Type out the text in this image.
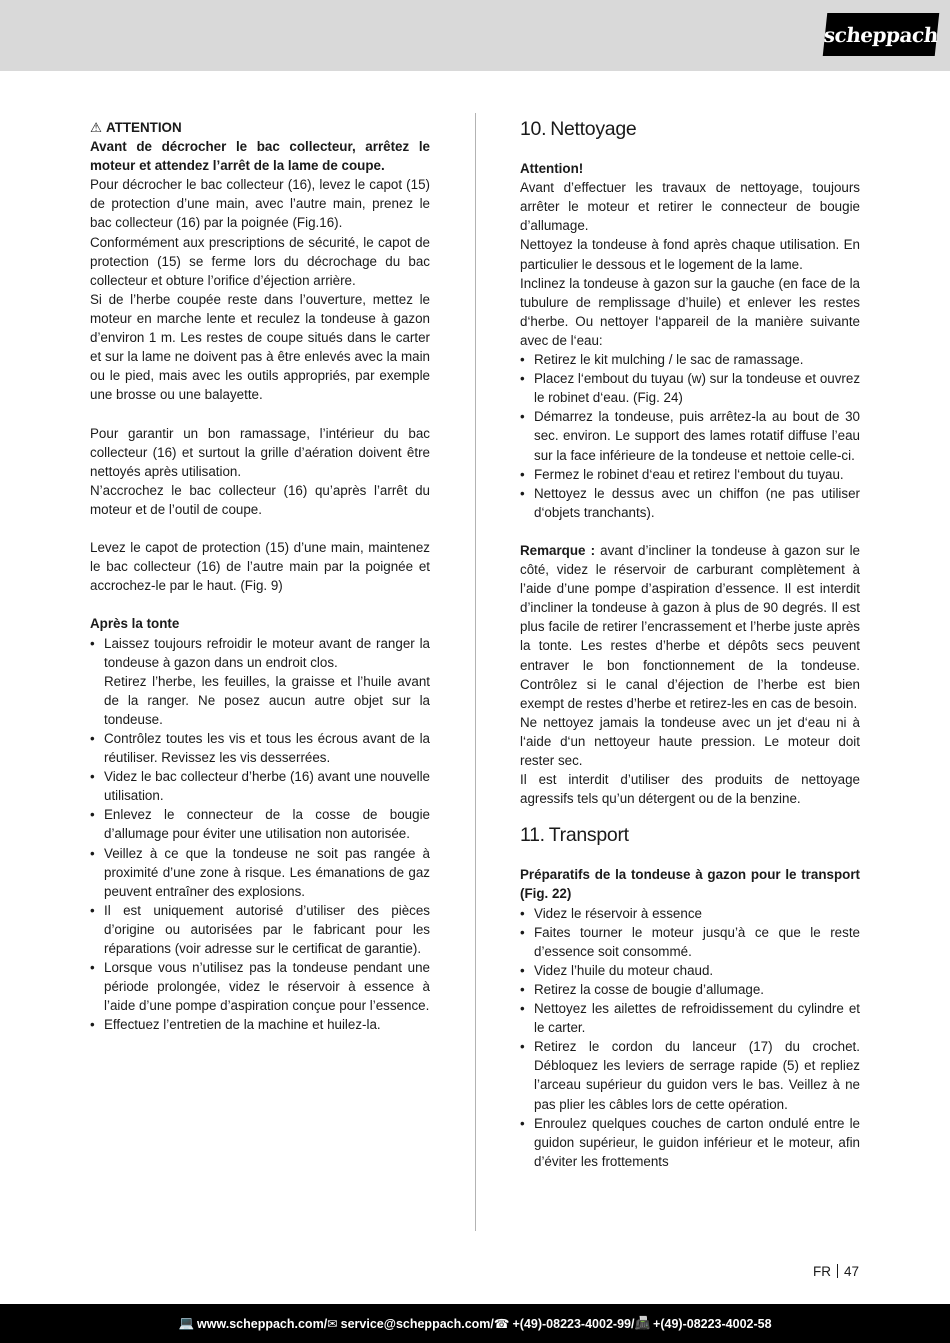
scheppach

⚠ ATTENTION

Avant de décrocher le bac collecteur, arrêtez le moteur et attendez l’arrêt de la lame de coupe.

Pour décrocher le bac collecteur (16), levez le capot (15) de protection d’une main, avec l’autre main, prenez le bac collecteur (16) par la poignée (Fig.16).

Conformément aux prescriptions de sécurité, le capot de protection (15) se ferme lors du décrochage du bac collecteur et obture l’orifice d’éjection arrière.

Si de l’herbe coupée reste dans l’ouverture, mettez le moteur en marche lente et reculez la tondeuse à gazon d’environ 1 m. Les restes de coupe situés dans le carter et sur la lame ne doivent pas à être enlevés avec la main ou le pied, mais avec les outils appropriés, par exemple une brosse ou une balayette.

Pour garantir un bon ramassage, l’intérieur du bac collecteur (16) et surtout la grille d’aération doivent être nettoyés après utilisation.

N’accrochez le bac collecteur (16) qu’après l’arrêt du moteur et de l’outil de coupe.

Levez le capot de protection (15) d’une main, maintenez le bac collecteur (16) de l’autre main par la poignée et accrochez-le par le haut. (Fig. 9)

Après la tonte

• Laissez toujours refroidir le moteur avant de ranger la tondeuse à gazon dans un endroit clos.
Retirez l’herbe, les feuilles, la graisse et l’huile avant de la ranger. Ne posez aucun autre objet sur la tondeuse.
• Contrôlez toutes les vis et tous les écrous avant de la réutiliser. Revissez les vis desserrées.
• Videz le bac collecteur d’herbe (16) avant une nouvelle utilisation.
• Enlevez le connecteur de la cosse de bougie d’allumage pour éviter une utilisation non autorisée.
• Veillez à ce que la tondeuse ne soit pas rangée à proximité d’une zone à risque. Les émanations de gaz peuvent entraîner des explosions.
• Il est uniquement autorisé d’utiliser des pièces d’origine ou autorisées par le fabricant pour les réparations (voir adresse sur le certificat de garantie).
• Lorsque vous n’utilisez pas la tondeuse pendant une période prolongée, videz le réservoir à essence à l’aide d’une pompe d’aspiration conçue pour l’essence.
• Effectuez l’entretien de la machine et huilez-la.
10. Nettoyage

Attention!

Avant d’effectuer les travaux de nettoyage, toujours arrêter le moteur et retirer le connecteur de bougie d’allumage.

Nettoyez la tondeuse à fond après chaque utilisation. En particulier le dessous et le logement de la lame.

Inclinez la tondeuse à gazon sur la gauche (en face de la tubulure de remplissage d’huile) et enlever les restes d‘herbe. Ou nettoyer l‘appareil de la manière suivante avec de l‘eau:

• Retirez le kit mulching / le sac de ramassage.
• Placez l‘embout du tuyau (w) sur la tondeuse et ouvrez le robinet d‘eau. (Fig. 24)
• Démarrez la tondeuse, puis arrêtez-la au bout de 30 sec. environ. Le support des lames rotatif diffuse l’eau sur la face inférieure de la tondeuse et nettoie celle-ci.
• Fermez le robinet d‘eau et retirez l‘embout du tuyau.
• Nettoyez le dessus avec un chiffon (ne pas utiliser d‘objets tranchants).

Remarque : avant d’incliner la tondeuse à gazon sur le côté, videz le réservoir de carburant complètement à l’aide d’une pompe d’aspiration d’essence. Il est interdit d’incliner la tondeuse à gazon à plus de 90 degrés. Il est plus facile de retirer l’encrassement et l’herbe juste après la tonte. Les restes d’herbe et dépôts secs peuvent entraver le bon fonctionnement de la tondeuse. Contrôlez si le canal d’éjection de l’herbe est bien exempt de restes d’herbe et retirez-les en cas de besoin.

Ne nettoyez jamais la tondeuse avec un jet d‘eau ni à l‘aide d‘un nettoyeur haute pression. Le moteur doit rester sec.

Il est interdit d’utiliser des produits de nettoyage agressifs tels qu’un détergent ou de la benzine.

11. Transport

Préparatifs de la tondeuse à gazon pour le transport (Fig. 22)

• Videz le réservoir à essence
• Faites tourner le moteur jusqu’à ce que le reste d’essence soit consommé.
• Videz l’huile du moteur chaud.
• Retirez la cosse de bougie d’allumage.
• Nettoyez les ailettes de refroidissement du cylindre et le carter.
• Retirez le cordon du lanceur (17) du crochet. Débloquez les leviers de serrage rapide (5) et repliez l’arceau supérieur du guidon vers le bas. Veillez à ne pas plier les câbles lors de cette opération.
• Enroulez quelques couches de carton ondulé entre le guidon supérieur, le guidon inférieur et le moteur, afin d’éviter les frottements
FR 47
💻 www.scheppach.com / ✉ service@scheppach.com / ☎ +(49)-08223-4002-99 / 📠 +(49)-08223-4002-58
